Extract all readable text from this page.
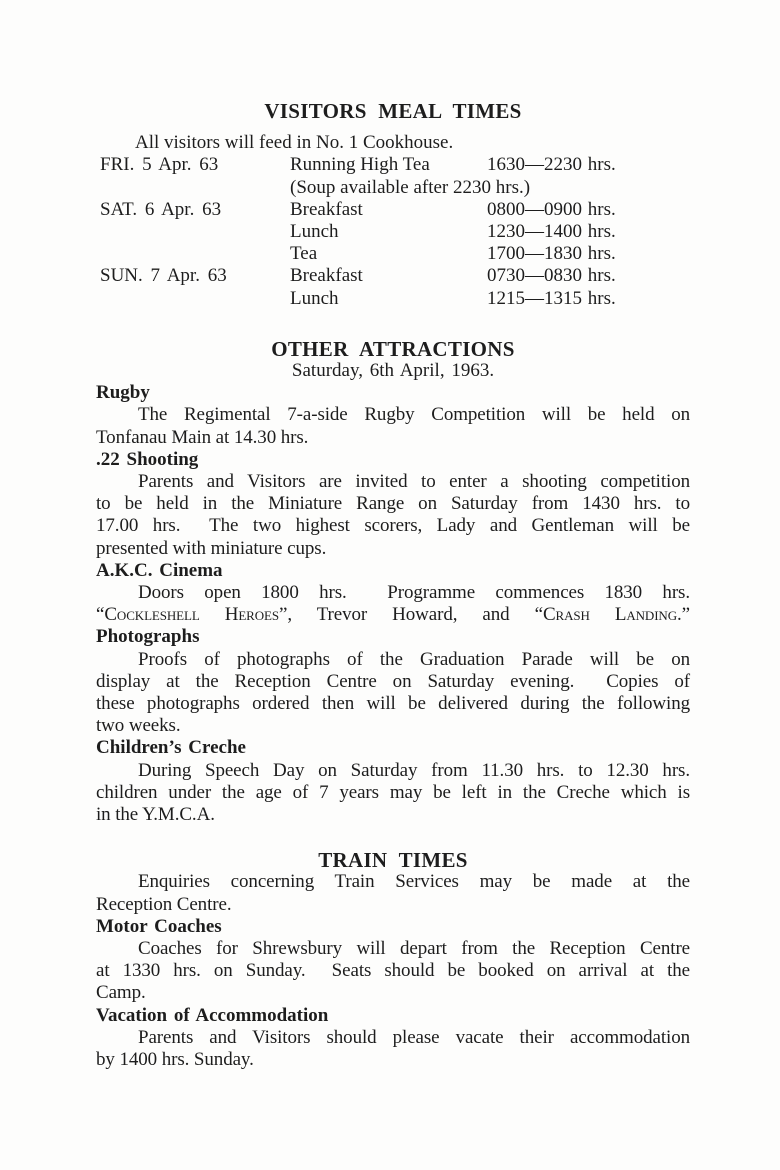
VISITORS MEAL TIMES
All visitors will feed in No. 1 Cookhouse.
FRI. 5 Apr. 63	Running High Tea	1630—2230 hrs.
(Soup available after 2230 hrs.)
SAT. 6 Apr. 63	Breakfast	0800—0900 hrs.
Lunch	1230—1400 hrs.
Tea	1700—1830 hrs.
SUN. 7 Apr. 63	Breakfast	0730—0830 hrs.
Lunch	1215—1315 hrs.
OTHER ATTRACTIONS
Saturday, 6th April, 1963.
Rugby
The Regimental 7-a-side Rugby Competition will be held on
Tonfanau Main at 14.30 hrs.
.22 Shooting
Parents and Visitors are invited to enter a shooting competition
to be held in the Miniature Range on Saturday from 1430 hrs. to
17.00 hrs.  The two highest scorers, Lady and Gentleman will be
presented with miniature cups.
A.K.C. Cinema
Doors open 1800 hrs.  Programme commences 1830 hrs.
“Cockleshell Heroes”, Trevor Howard, and “Crash Landing.”
Photographs
Proofs of photographs of the Graduation Parade will be on
display at the Reception Centre on Saturday evening.  Copies of
these photographs ordered then will be delivered during the following
two weeks.
Children’s Creche
During Speech Day on Saturday from 11.30 hrs. to 12.30 hrs.
children under the age of 7 years may be left in the Creche which is
in the Y.M.C.A.
TRAIN TIMES
Enquiries concerning Train Services may be made at the
Reception Centre.
Motor Coaches
Coaches for Shrewsbury will depart from the Reception Centre
at 1330 hrs. on Sunday.  Seats should be booked on arrival at the
Camp.
Vacation of Accommodation
Parents and Visitors should please vacate their accommodation
by 1400 hrs. Sunday.
